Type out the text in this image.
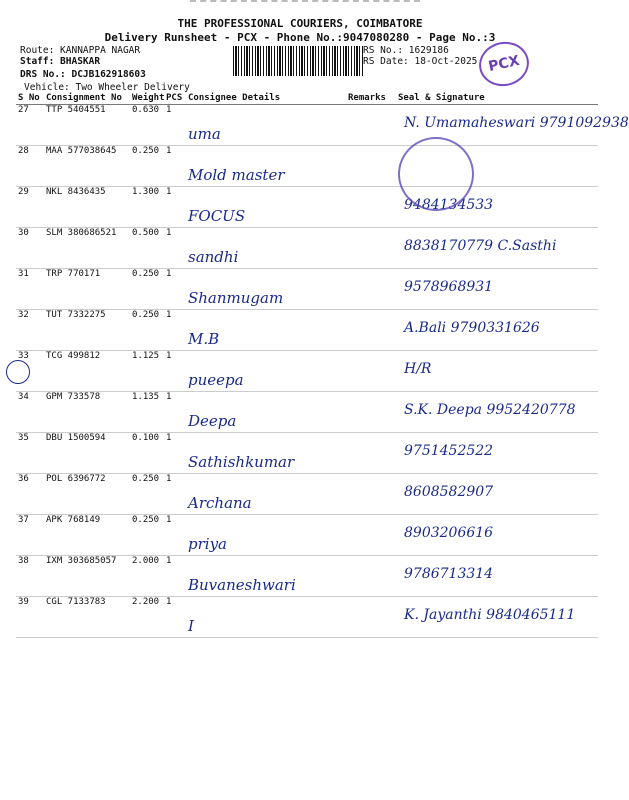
THE PROFESSIONAL COURIERS, COIMBATORE
Delivery Runsheet - PCX - Phone No.:9047080280 - Page No.:3
Route: KANNAPPA NAGAR
Staff: BHASKAR
DRS No.: DCJB162918603
Vehicle: Two Wheeler Delivery
RS No.: 1629186
RS Date: 18-Oct-2025 PCX
S No	Consignment No	Weight	PCS	Consignee Details	Remarks	Seal & Signature
27	TTP 5404551	0.630	1	uma		N. Umamaheswari 9791092938

28	MAA 577038645	0.250	1	Mold master		

29	NKL 8436435	1.300	1	FOCUS		9484134533

30	SLM 380686521	0.500	1	sandhi		8838170779 C.Sasthi

31	TRP 770171	0.250	1	Shanmugam		9578968931

32	TUT 7332275	0.250	1	M.B		A.Bali 9790331626

33	TCG 499812	1.125	1	pueepa		H/R

34	GPM 733578	1.135	1	Deepa		S.K. Deepa 9952420778

35	DBU 1500594	0.100	1	Sathishkumar		9751452522

36	POL 6396772	0.250	1	Archana		8608582907

37	APK 768149	0.250	1	priya		8903206616

38	IXM 303685057	2.000	1	Buvaneshwari		9786713314

39	CGL 7133783	2.200	1	I		K. Jayanthi 9840465111
